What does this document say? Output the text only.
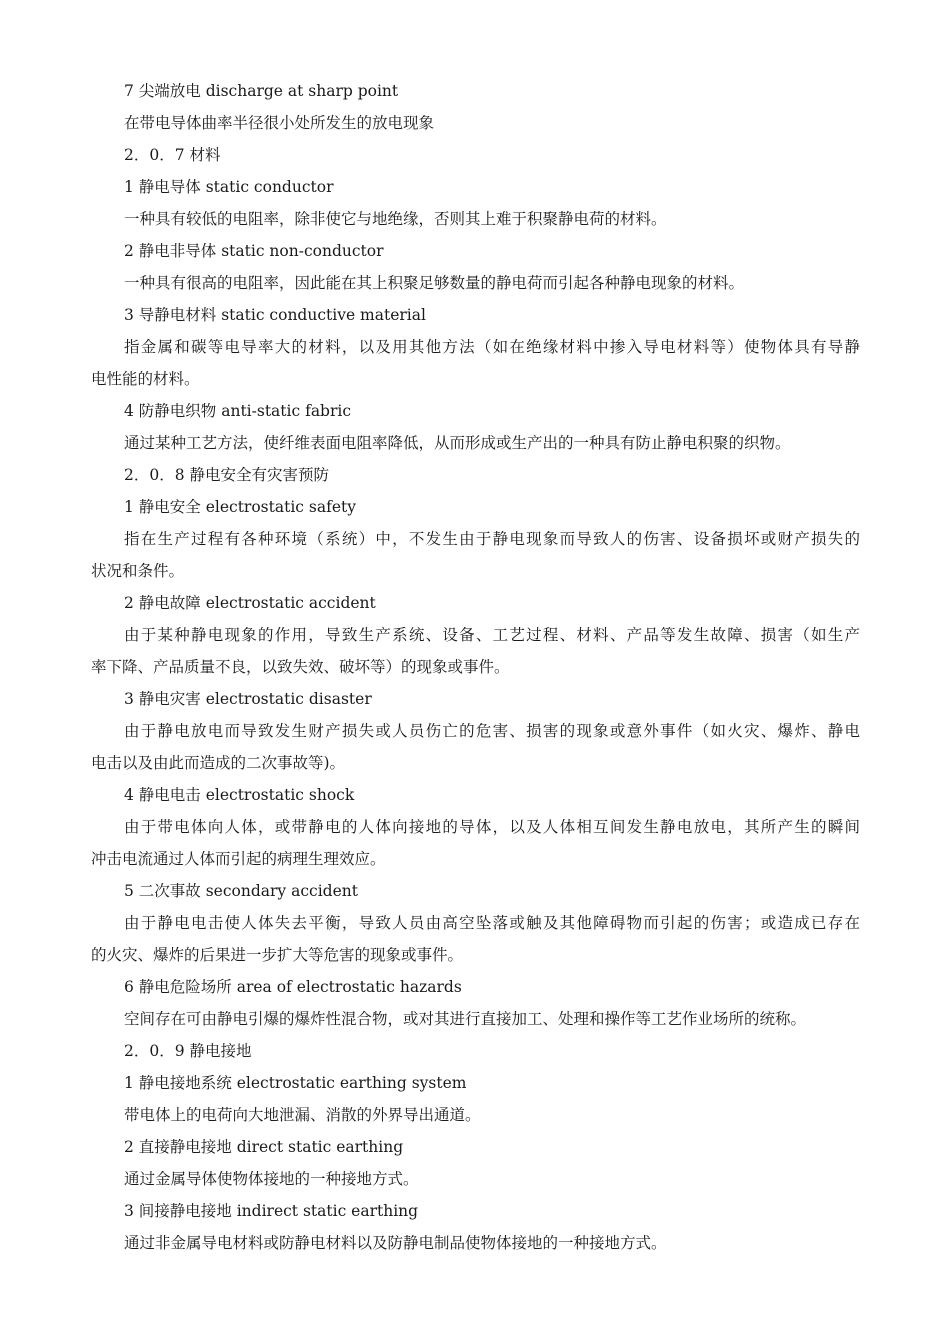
7 尖端放电 discharge at sharp point
在带电导体曲率半径很小处所发生的放电现象
2．0．7 材料
1 静电导体 static conductor
一种具有较低的电阻率，除非使它与地绝缘，否则其上难于积聚静电荷的材料。
2 静电非导体 static non-conductor
一种具有很高的电阻率，因此能在其上积聚足够数量的静电荷而引起各种静电现象的材料。
3 导静电材料 static conductive material
指金属和碳等电导率大的材料，以及用其他方法（如在绝缘材料中掺入导电材料等）使物体具有导静
电性能的材料。
4 防静电织物 anti-static fabric
通过某种工艺方法，使纤维表面电阻率降低，从而形成或生产出的一种具有防止静电积聚的织物。
2．0．8 静电安全有灾害预防
1 静电安全 electrostatic safety
指在生产过程有各种环境（系统）中，不发生由于静电现象而导致人的伤害、设备损坏或财产损失的
状况和条件。
2 静电故障 electrostatic accident
由于某种静电现象的作用，导致生产系统、设备、工艺过程、材料、产品等发生故障、损害（如生产
率下降、产品质量不良，以致失效、破坏等）的现象或事件。
3 静电灾害 electrostatic disaster
由于静电放电而导致发生财产损失或人员伤亡的危害、损害的现象或意外事件（如火灾、爆炸、静电
电击以及由此而造成的二次事故等)。
4 静电电击 electrostatic shock
由于带电体向人体，或带静电的人体向接地的导体，以及人体相互间发生静电放电，其所产生的瞬间
冲击电流通过人体而引起的病理生理效应。
5 二次事故 secondary accident
由于静电电击使人体失去平衡，导致人员由高空坠落或触及其他障碍物而引起的伤害；或造成已存在
的火灾、爆炸的后果进一步扩大等危害的现象或事件。
6 静电危险场所 area of electrostatic hazards
空间存在可由静电引爆的爆炸性混合物，或对其进行直接加工、处理和操作等工艺作业场所的统称。
2．0．9 静电接地
1 静电接地系统 electrostatic earthing system
带电体上的电荷向大地泄漏、消散的外界导出通道。
2 直接静电接地 direct static earthing
通过金属导体使物体接地的一种接地方式。
3 间接静电接地 indirect static earthing
通过非金属导电材料或防静电材料以及防静电制品使物体接地的一种接地方式。
